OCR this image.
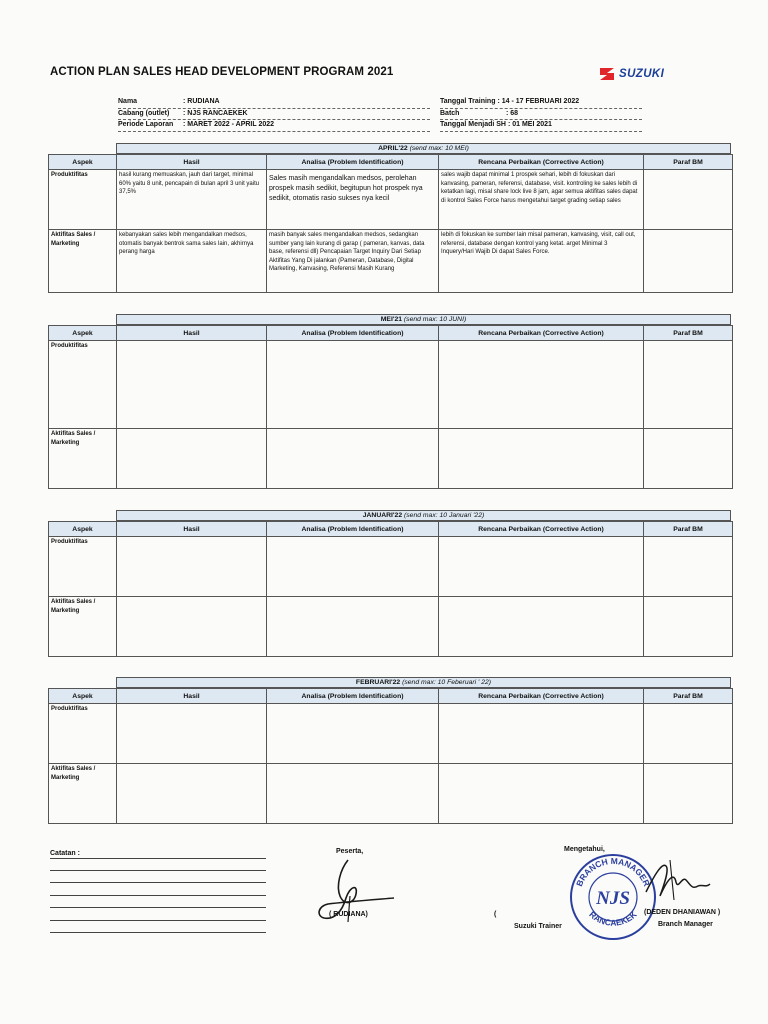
ACTION PLAN SALES HEAD DEVELOPMENT PROGRAM 2021	SUZUKI
Nama	: RUDIANA
Cabang (outlet)	: NJS RANCAEKEK
Periode Laporan	: MARET 2022 - APRIL 2022
Tanggal Training
: 14 - 17 FEBRUARI 2022
Batch	: 68
Tanggal Menjadi SH
: 01 MEI 2021
APRIL'22 (send max: 10 MEI)
Aspek	Hasil	Analisa (Problem Identification)	Rencana Perbaikan (Corrective Action)	Paraf BM
Produktifitas	hasil kurang memuaskan, jauh dari target, minimal 60% yaitu 8 unit, pencapain di bulan april 3 unit yaitu 37,5%	Sales masih mengandalkan medsos, perolehan prospek masih sedikit, begitupun hot prospek nya sedikit, otomatis rasio sukses nya kecil	sales wajib dapat minimal 1 prospek sehari, lebih di fokuskan dari kanvasing, pameran, referensi, database, visit. kontroling ke sales lebih di ketatkan lagi, misal share lock live 8 jam, agar semua aktifitas sales dapat di kontrol Sales Force harus mengetahui target grading setiap sales	

Aktifitas Sales / Marketing	kebanyakan sales lebih mengandalkan medsos, otomatis banyak bentrok sama sales lain, akhirnya perang harga	masih banyak sales mengandalkan medsos, sedangkan sumber yang lain kurang di garap ( pameran, kanvas, data base, referensi dll) Pencapaian Target Inquiry Dari Setiap Aktifitas Yang Di jalankan (Pameran, Database, Digital Marketing, Kanvasing, Referensi Masih Kurang	lebih di fokuskan ke sumber lain misal pameran, kanvasing, visit, call out, referensi, database dengan kontrol yang ketat. arget Minimal 3 Inquery/Hari Wajib Di dapat Sales Force.	
MEI'21 (send max: 10 JUNI)
Aspek	Hasil	Analisa (Problem Identification)	Rencana Perbaikan (Corrective Action)	Paraf BM
Produktifitas				
Aktifitas Sales / Marketing				
JANUARI'22 (send max: 10 Januari '22)
Aspek	Hasil	Analisa (Problem Identification)	Rencana Perbaikan (Corrective Action)	Paraf BM
Produktifitas				
Aktifitas Sales / Marketing				
FEBRUARI'22 (send max: 10 Feberuari ' 22)
Aspek	Hasil	Analisa (Problem Identification)	Rencana Perbaikan (Corrective Action)	Paraf BM
Produktifitas				
Aktifitas Sales / Marketing				
Catatan :	Peserta,
( RUDIANA)	(
Suzuki Trainer
Mengetahui,
BRANCH MANAGER
RANCAEKEK
NJS
(DEDEN DHANIAWAN )
Branch Manager
